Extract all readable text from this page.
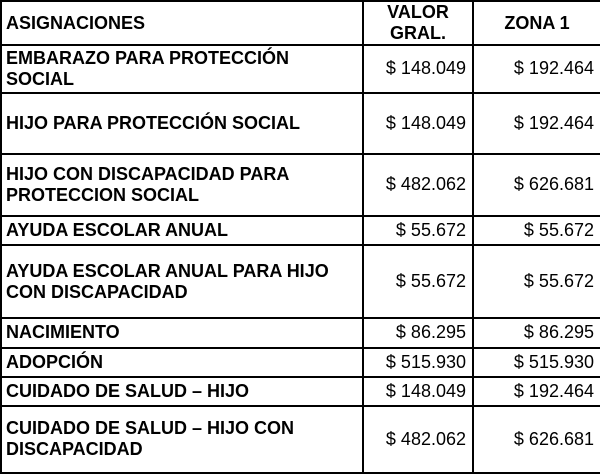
ASIGNACIONES	VALOR GRAL.	ZONA 1
EMBARAZO PARA PROTECCIÓN SOCIAL	$ 148.049	$ 192.464
HIJO PARA PROTECCIÓN SOCIAL	$ 148.049	$ 192.464
HIJO CON DISCAPACIDAD PARA PROTECCION SOCIAL	$ 482.062	$ 626.681
AYUDA ESCOLAR ANUAL	$ 55.672	$ 55.672
AYUDA ESCOLAR ANUAL PARA HIJO CON DISCAPACIDAD	$ 55.672	$ 55.672
NACIMIENTO	$ 86.295	$ 86.295
ADOPCIÓN	$ 515.930	$ 515.930
CUIDADO DE SALUD – HIJO	$ 148.049	$ 192.464
CUIDADO DE SALUD – HIJO CON DISCAPACIDAD	$ 482.062	$ 626.681
